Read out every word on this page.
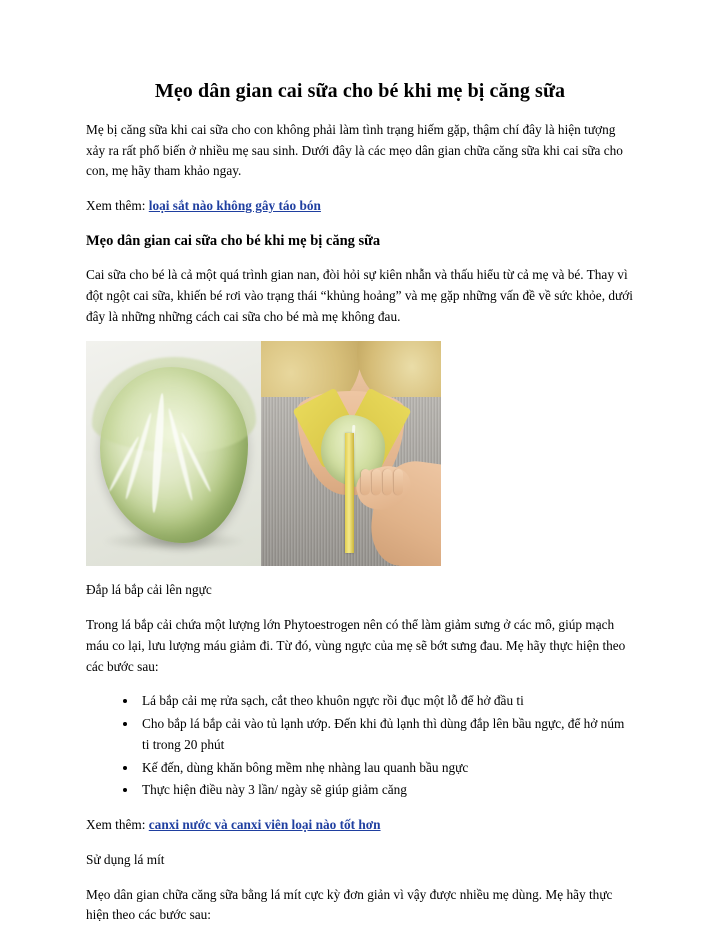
Mẹo dân gian cai sữa cho bé khi mẹ bị căng sữa

Mẹ bị căng sữa khi cai sữa cho con không phải làm tình trạng hiếm gặp, thậm chí đây là hiện tượng xảy ra rất phổ biến ở nhiều mẹ sau sinh. Dưới đây là các mẹo dân gian chữa căng sữa khi cai sữa cho con, mẹ hãy tham khảo ngay.

Xem thêm: loại sắt nào không gây táo bón

Mẹo dân gian cai sữa cho bé khi mẹ bị căng sữa

Cai sữa cho bé là cả một quá trình gian nan, đòi hỏi sự kiên nhẫn và thấu hiểu từ cả mẹ và bé. Thay vì đột ngột cai sữa, khiến bé rơi vào trạng thái “khủng hoảng” và mẹ gặp những vấn đề về sức khỏe, dưới đây là những những cách cai sữa cho bé mà mẹ không đau.

Đắp lá bắp cải lên ngực

Trong lá bắp cải chứa một lượng lớn Phytoestrogen nên có thể làm giảm sưng ở các mô, giúp mạch máu co lại, lưu lượng máu giảm đi. Từ đó, vùng ngực của mẹ sẽ bớt sưng đau. Mẹ hãy thực hiện theo các bước sau:

• Lá bắp cải mẹ rửa sạch, cắt theo khuôn ngực rồi đục một lỗ để hở đầu ti
• Cho bắp lá bắp cải vào tủ lạnh ướp. Đến khi đủ lạnh thì dùng đắp lên bầu ngực, để hở núm ti trong 20 phút
• Kế đến, dùng khăn bông mềm nhẹ nhàng lau quanh bầu ngực
• Thực hiện điều này 3 lần/ ngày sẽ giúp giảm căng

Xem thêm: canxi nước và canxi viên loại nào tốt hơn

Sử dụng lá mít

Mẹo dân gian chữa căng sữa bằng lá mít cực kỳ đơn giản vì vậy được nhiều mẹ dùng. Mẹ hãy thực hiện theo các bước sau:
